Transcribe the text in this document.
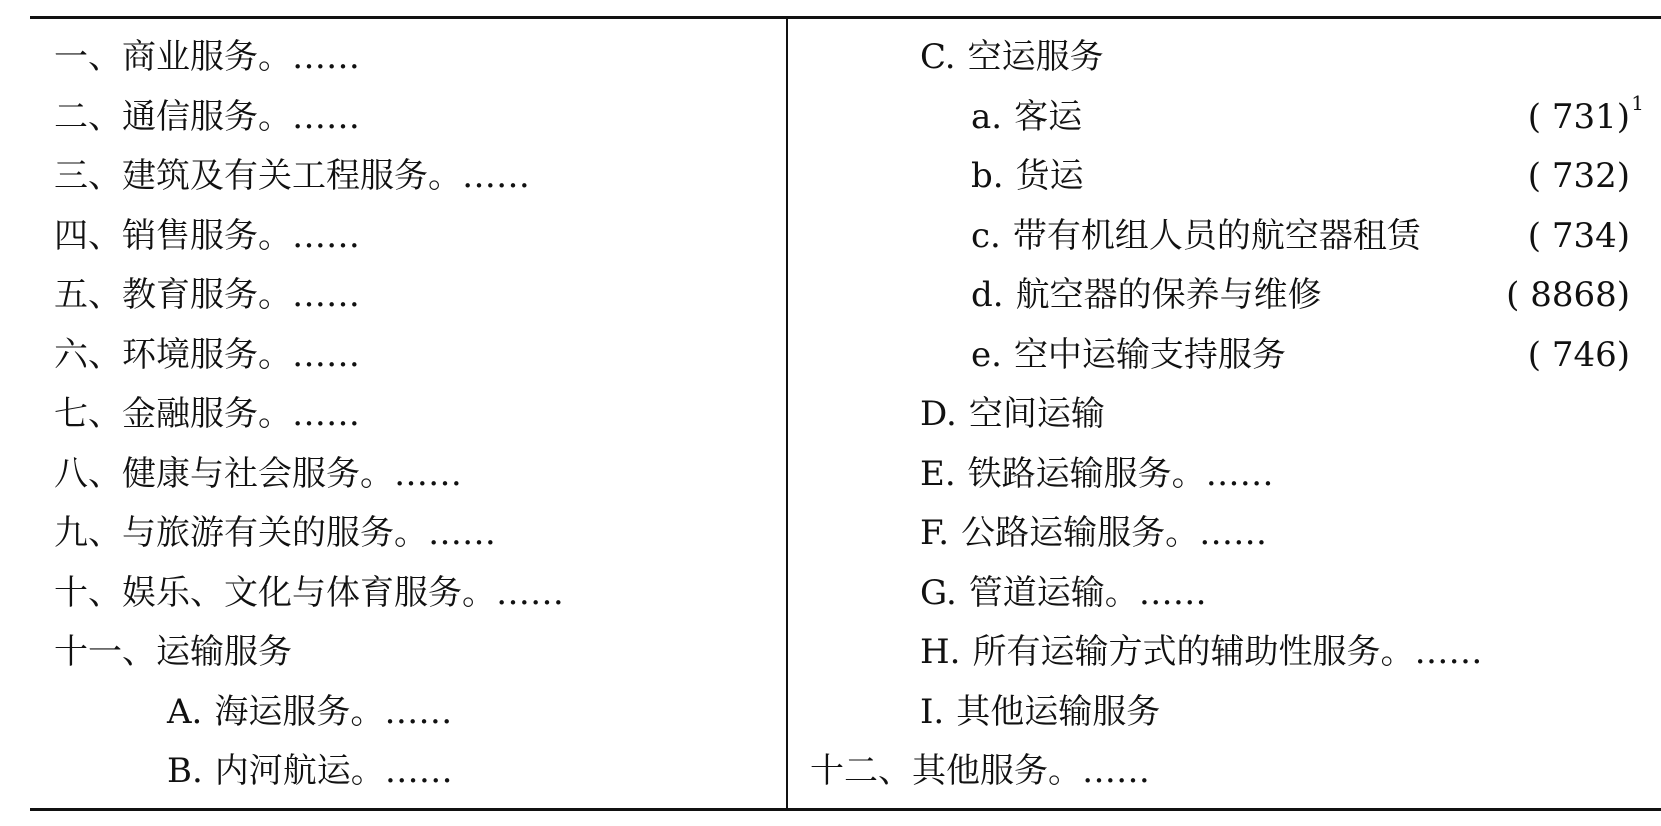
一、商业服务。……
二、通信服务。……
三、建筑及有关工程服务。……
四、销售服务。……
五、教育服务。……
六、环境服务。……
七、金融服务。……
八、健康与社会服务。……
九、与旅游有关的服务。……
十、娱乐、文化与体育服务。……
十一、运输服务
A. 海运服务。……
B. 内河航运。……
C. 空运服务
a. 客运	( 731) 1
b. 货运	( 732)
c. 带有机组人员的航空器租赁	( 734)
d. 航空器的保养与维修	( 8868)
e. 空中运输支持服务	( 746)
D. 空间运输
E. 铁路运输服务。……
F. 公路运输服务。……
G. 管道运输。……
H. 所有运输方式的辅助性服务。……
I. 其他运输服务
十二、其他服务。……
